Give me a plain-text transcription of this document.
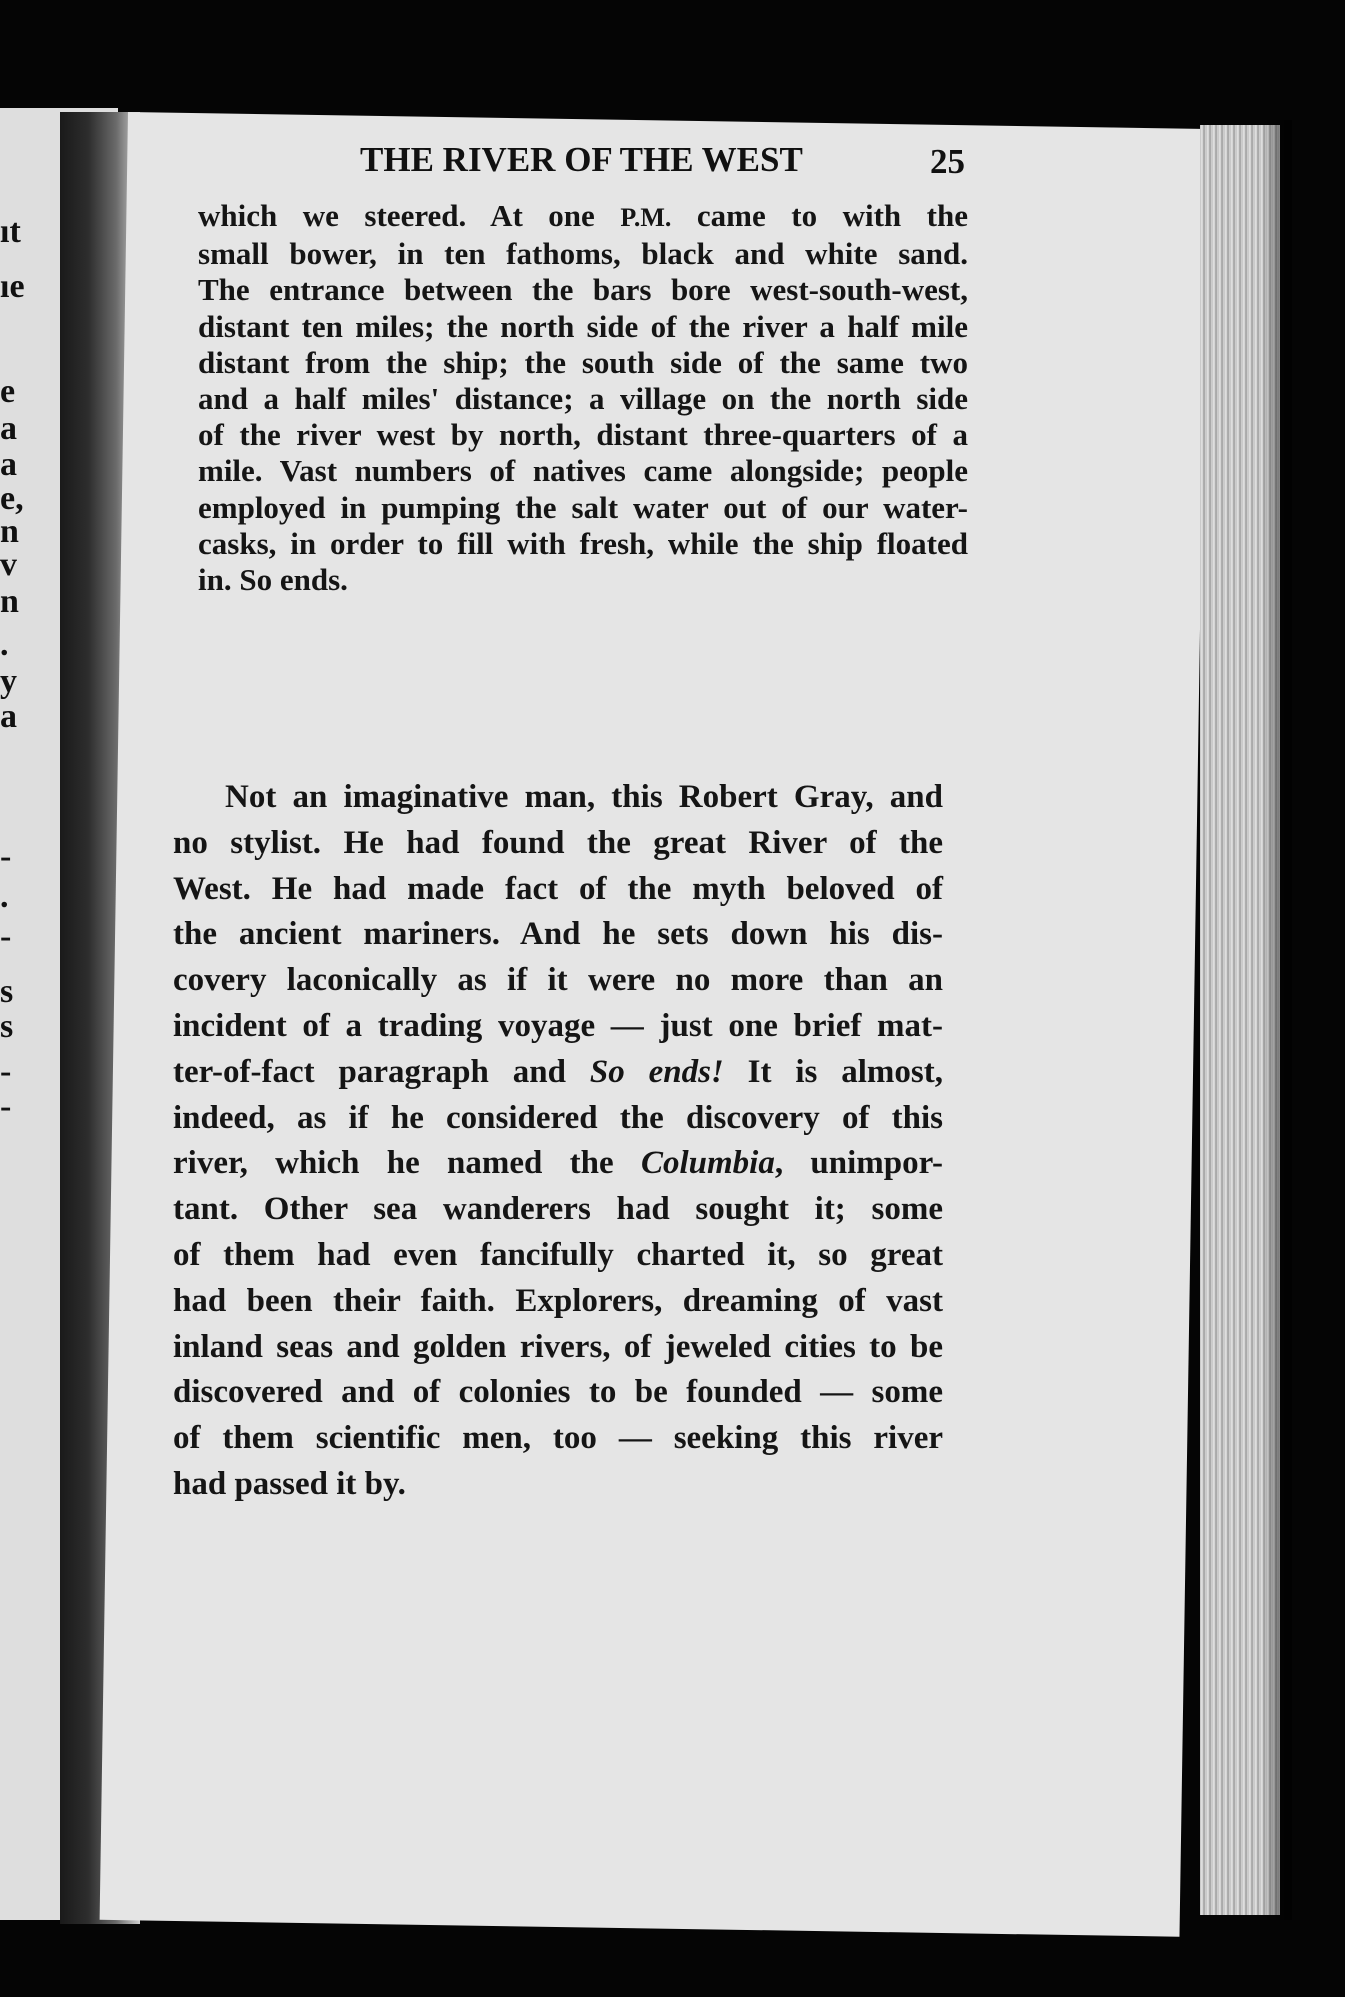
ıt
ıe
e
a
a
e,
n
v
n
.
y
a
-
.
-
s
s
-
-
THE RIVER OF THE WEST	25
which we steered. At one P.M. came to with the
small bower, in ten fathoms, black and white sand.
The entrance between the bars bore west-south-west,
distant ten miles; the north side of the river a half mile
distant from the ship; the south side of the same two
and a half miles' distance; a village on the north side
of the river west by north, distant three-quarters of a
mile. Vast numbers of natives came alongside; people
employed in pumping the salt water out of our water-
casks, in order to fill with fresh, while the ship floated
in. So ends.
Not an imaginative man, this Robert Gray, and
no stylist. He had found the great River of the
West. He had made fact of the myth beloved of
the ancient mariners. And he sets down his dis-
covery laconically as if it were no more than an
incident of a trading voyage — just one brief mat-
ter-of-fact paragraph and So ends! It is almost,
indeed, as if he considered the discovery of this
river, which he named the Columbia, unimpor-
tant. Other sea wanderers had sought it; some
of them had even fancifully charted it, so great
had been their faith. Explorers, dreaming of vast
inland seas and golden rivers, of jeweled cities to be
discovered and of colonies to be founded — some
of them scientific men, too — seeking this river
had passed it by.
